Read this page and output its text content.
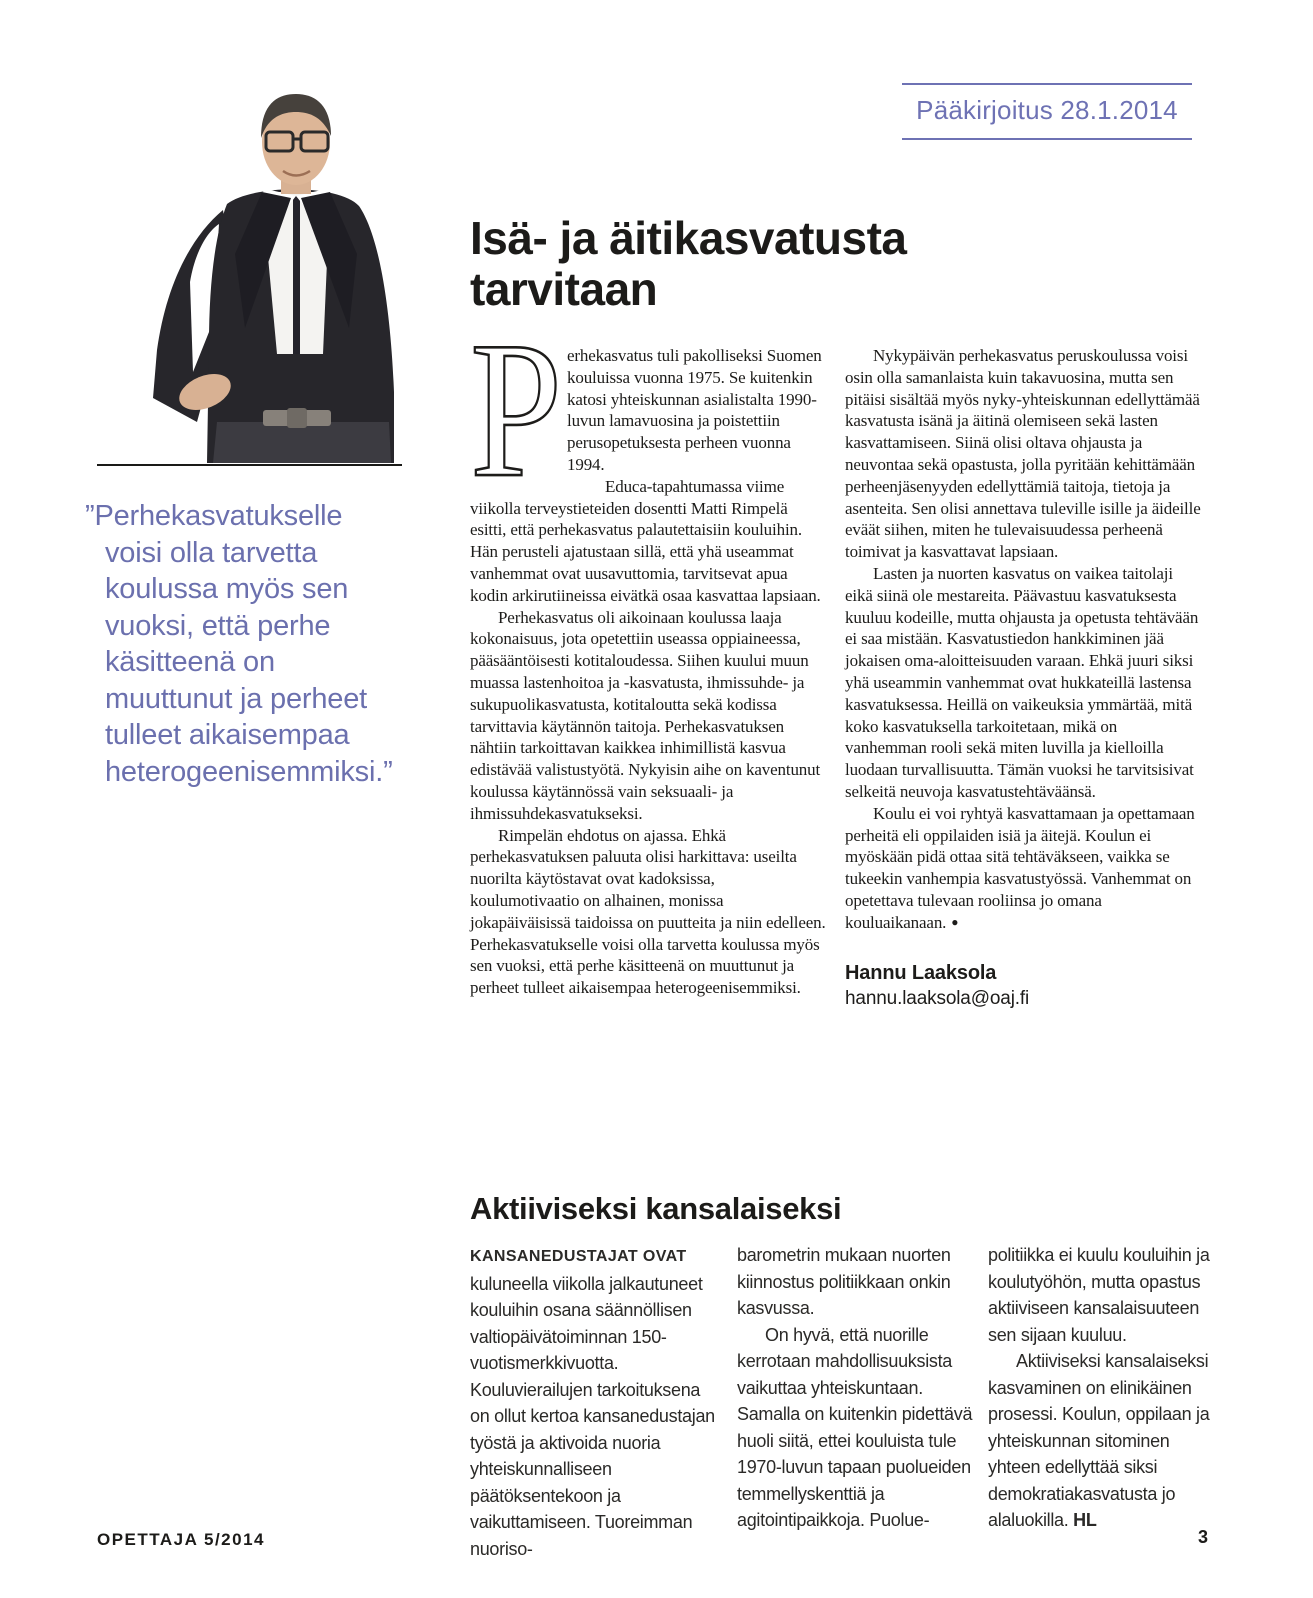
Pääkirjoitus 28.1.2014
”Perhekasvatukselle voisi olla tarvetta koulussa myös sen vuoksi, että perhe käsitteenä on muuttunut ja perheet tulleet aikaisempaa heterogeenisemmiksi.”
Isä- ja äitikasvatusta tarvitaan
P erhekasvatus tuli pakolliseksi Suomen kouluissa vuonna 1975. Se kuitenkin katosi yhteiskunnan asialistalta 1990-luvun lamavuosina ja poistettiin perusopetuksesta perheen vuonna 1994.

Educa-tapahtumassa viime viikolla terveystieteiden dosentti Matti Rimpelä esitti, että perhekasvatus palautettaisiin kouluihin. Hän perusteli ajatustaan sillä, että yhä useammat vanhemmat ovat uusavuttomia, tarvitsevat apua kodin arkirutiineissa eivätkä osaa kasvattaa lapsiaan.

Perhekasvatus oli aikoinaan koulussa laaja kokonaisuus, jota opetettiin useassa oppiaineessa, pääsääntöisesti kotitaloudessa. Siihen kuului muun muassa lastenhoitoa ja -kasvatusta, ihmissuhde- ja sukupuolikasvatusta, kotitaloutta sekä kodissa tarvittavia käytännön taitoja. Perhekasvatuksen nähtiin tarkoittavan kaikkea inhimillistä kasvua edistävää valistustyötä. Nykyisin aihe on kaventunut koulussa käytännössä vain seksuaali- ja ihmissuhdekasvatukseksi.

Rimpelän ehdotus on ajassa. Ehkä perhekasvatuksen paluuta olisi harkittava: useilta nuorilta käytöstavat ovat kadoksissa, koulumotivaatio on alhainen, monissa jokapäiväisissä taidoissa on puutteita ja niin edelleen. Perhekasvatukselle voisi olla tarvetta koulussa myös sen vuoksi, että perhe käsitteenä on muuttunut ja perheet tulleet aikaisempaa heterogeenisemmiksi.

Nykypäivän perhekasvatus peruskoulussa voisi osin olla samanlaista kuin takavuosina, mutta sen pitäisi sisältää myös nyky-yhteiskunnan edellyttämää kasvatusta isänä ja äitinä olemiseen sekä lasten kasvattamiseen. Siinä olisi oltava ohjausta ja neuvontaa sekä opastusta, jolla pyritään kehittämään perheenjäsenyyden edellyttämiä taitoja, tietoja ja asenteita. Sen olisi annettava tuleville isille ja äideille eväät siihen, miten he tulevaisuudessa perheenä toimivat ja kasvattavat lapsiaan.

Lasten ja nuorten kasvatus on vaikea taitolaji eikä siinä ole mestareita. Päävastuu kasvatuksesta kuuluu kodeille, mutta ohjausta ja opetusta tehtävään ei saa mistään. Kasvatustiedon hankkiminen jää jokaisen oma-aloitteisuuden varaan. Ehkä juuri siksi yhä useammin vanhemmat ovat hukkateillä lastensa kasvatuksessa. Heillä on vaikeuksia ymmärtää, mitä koko kasvatuksella tarkoitetaan, mikä on vanhemman rooli sekä miten luvilla ja kielloilla luodaan turvallisuutta. Tämän vuoksi he tarvitsisivat selkeitä neuvoja kasvatustehtäväänsä.

Koulu ei voi ryhtyä kasvattamaan ja opettamaan perheitä eli oppilaiden isiä ja äitejä. Koulun ei myöskään pidä ottaa sitä tehtäväkseen, vaikka se tukeekin vanhempia kasvatustyössä. Vanhemmat on opetettava tulevaan rooliinsa jo omana kouluaikanaan. ●

Hannu Laaksola
hannu.laaksola@oaj.fi
Aktiiviseksi kansalaiseksi

KANSANEDUSTAJAT OVAT kuluneella viikolla jalkautuneet kouluihin osana säännöllisen valtiopäivätoiminnan 150-vuotismerkkivuotta. Kouluvierailujen tarkoituksena on ollut kertoa kansanedustajan työstä ja aktivoida nuoria yhteiskunnalliseen päätöksentekoon ja vaikuttamiseen. Tuoreimman nuoriso-

barometrin mukaan nuorten kiinnostus politiikkaan onkin kasvussa.

On hyvä, että nuorille kerrotaan mahdollisuuksista vaikuttaa yhteiskuntaan. Samalla on kuitenkin pidettävä huoli siitä, ettei kouluista tule 1970-luvun tapaan puolueiden temmellyskenttiä ja agitointipaikkoja. Puolue-

politiikka ei kuulu kouluihin ja koulutyöhön, mutta opastus aktiiviseen kansalaisuuteen sen sijaan kuuluu.

Aktiiviseksi kansalaiseksi kasvaminen on elinikäinen prosessi. Koulun, oppilaan ja yhteiskunnan sitominen yhteen edellyttää siksi demokratiakasvatusta jo alaluokilla. HL

OPETTAJA 5/2014	3
